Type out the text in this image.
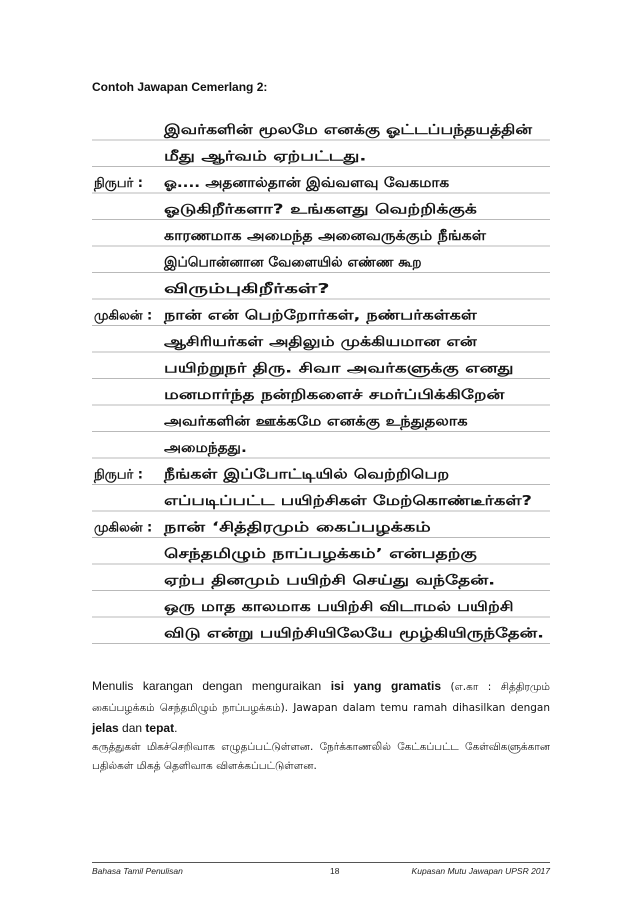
Contoh Jawapan Cemerlang 2:
இவர்களின் மூலமே எனக்கு ஓட்டப்பந்தயத்தின்
மீது ஆர்வம் ஏற்பட்டது.
நிருபர் : ஓ.... அதனால்தான் இவ்வளவு வேகமாக
ஓடுகிறீர்களா? உங்களது வெற்றிக்குக்
காரணமாக அமைந்த அனைவருக்கும் நீங்கள்
இப்பொன்னான வேளையில் எண்ண கூற
விரும்புகிறீர்கள்?
முகிலன் : நான் என் பெற்றோர்கள், நண்பர்கள்கள்
ஆசிரியர்கள் அதிலும் முக்கியமான என்
பயிற்றுநர் திரு. சிவா அவர்களுக்கு எனது
மனமார்ந்த நன்றிகளைச் சமர்ப்பிக்கிறேன்
அவர்களின் ஊக்கமே எனக்கு உந்துதலாக
அமைந்தது.
நிருபர் : நீங்கள் இப்போட்டியில் வெற்றிபெற
எப்படிப்பட்ட பயிற்சிகள் மேற்கொண்டீர்கள்?
முகிலன் : நான் ‘சித்திரமும் கைப்பழக்கம்
செந்தமிழும் நாப்பழக்கம்’ என்பதற்கு
ஏற்ப தினமும் பயிற்சி செய்து வந்தேன்.
ஒரு மாத காலமாக பயிற்சி விடாமல் பயிற்சி
விடு என்று பயிற்சியிலேயே மூழ்கியிருந்தேன்.
Menulis karangan dengan menguraikan isi yang gramatis (எ.கா : சித்திரமும் கைப்பழக்கம் செந்தமிழும் நாப்பழக்கம்). Jawapan dalam temu ramah dihasilkan dengan jelas dan tepat.
கருத்துகள் மிகச்செறிவாக எழுதப்பட்டுள்ளன. நேர்க்காணலில் கேட்கப்பட்ட கேள்விகளுக்கான பதில்கள் மிகத் தெளிவாக விளக்கப்பட்டுள்ளன.
Bahasa Tamil Penulisan	18	Kupasan Mutu Jawapan UPSR 2017
